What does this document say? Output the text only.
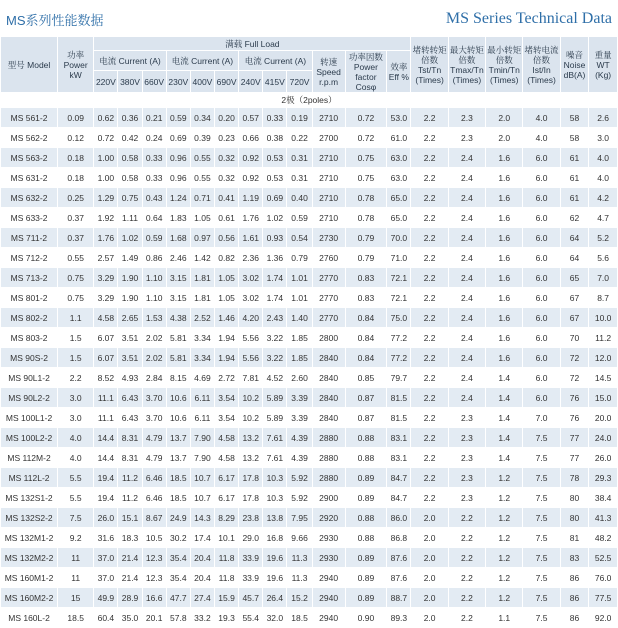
MS系列性能数据	MS Series Technical Data
型号 Model	功率 Power kW	满载 Full Load												堵转转矩 倍数 Tst/Tn (Times)	最大转矩 倍数 Tmax/Tn (Times)	最小转矩 倍数 Tmin/Tn (Times)	堵转电流 倍数 Ist/In (Times)	噪音 Noise dB(A)	重量 WT (Kg)
		电流 Current (A)			电流 Current (A)			电流 Current (A)			转速 Speed r.p.m	功率因数 Power factor Cosφ	效率 Eff %						
		220V	380V	660V	230V	400V	690V	240V	415V	720V									
2极（2poles）																			
MS 561-2	0.09	0.62	0.36	0.21	0.59	0.34	0.20	0.57	0.33	0.19	2710	0.72	53.0	2.2	2.3	2.0	4.0	58	2.6
MS 562-2	0.12	0.72	0.42	0.24	0.69	0.39	0.23	0.66	0.38	0.22	2700	0.72	61.0	2.2	2.3	2.0	4.0	58	3.0
MS 563-2	0.18	1.00	0.58	0.33	0.96	0.55	0.32	0.92	0.53	0.31	2710	0.75	63.0	2.2	2.4	1.6	6.0	61	4.0
MS 631-2	0.18	1.00	0.58	0.33	0.96	0.55	0.32	0.92	0.53	0.31	2710	0.75	63.0	2.2	2.4	1.6	6.0	61	4.0
MS 632-2	0.25	1.29	0.75	0.43	1.24	0.71	0.41	1.19	0.69	0.40	2710	0.78	65.0	2.2	2.4	1.6	6.0	61	4.2
MS 633-2	0.37	1.92	1.11	0.64	1.83	1.05	0.61	1.76	1.02	0.59	2710	0.78	65.0	2.2	2.4	1.6	6.0	62	4.7
MS 711-2	0.37	1.76	1.02	0.59	1.68	0.97	0.56	1.61	0.93	0.54	2730	0.79	70.0	2.2	2.4	1.6	6.0	64	5.2
MS 712-2	0.55	2.57	1.49	0.86	2.46	1.42	0.82	2.36	1.36	0.79	2760	0.79	71.0	2.2	2.4	1.6	6.0	64	5.6
MS 713-2	0.75	3.29	1.90	1.10	3.15	1.81	1.05	3.02	1.74	1.01	2770	0.83	72.1	2.2	2.4	1.6	6.0	65	7.0
MS 801-2	0.75	3.29	1.90	1.10	3.15	1.81	1.05	3.02	1.74	1.01	2770	0.83	72.1	2.2	2.4	1.6	6.0	67	8.7
MS 802-2	1.1	4.58	2.65	1.53	4.38	2.52	1.46	4.20	2.43	1.40	2770	0.84	75.0	2.2	2.4	1.6	6.0	67	10.0
MS 803-2	1.5	6.07	3.51	2.02	5.81	3.34	1.94	5.56	3.22	1.85	2800	0.84	77.2	2.2	2.4	1.6	6.0	70	11.2
MS 90S-2	1.5	6.07	3.51	2.02	5.81	3.34	1.94	5.56	3.22	1.85	2840	0.84	77.2	2.2	2.4	1.6	6.0	72	12.0
MS 90L1-2	2.2	8.52	4.93	2.84	8.15	4.69	2.72	7.81	4.52	2.60	2840	0.85	79.7	2.2	2.4	1.4	6.0	72	14.5
MS 90L2-2	3.0	11.1	6.43	3.70	10.6	6.11	3.54	10.2	5.89	3.39	2840	0.87	81.5	2.2	2.4	1.4	6.0	76	15.0
MS 100L1-2	3.0	11.1	6.43	3.70	10.6	6.11	3.54	10.2	5.89	3.39	2840	0.87	81.5	2.2	2.3	1.4	7.0	76	20.0
MS 100L2-2	4.0	14.4	8.31	4.79	13.7	7.90	4.58	13.2	7.61	4.39	2880	0.88	83.1	2.2	2.3	1.4	7.5	77	24.0
MS 112M-2	4.0	14.4	8.31	4.79	13.7	7.90	4.58	13.2	7.61	4.39	2880	0.88	83.1	2.2	2.3	1.4	7.5	77	26.0
MS 112L-2	5.5	19.4	11.2	6.46	18.5	10.7	6.17	17.8	10.3	5.92	2880	0.89	84.7	2.2	2.3	1.2	7.5	78	29.3
MS 132S1-2	5.5	19.4	11.2	6.46	18.5	10.7	6.17	17.8	10.3	5.92	2900	0.89	84.7	2.2	2.3	1.2	7.5	80	38.4
MS 132S2-2	7.5	26.0	15.1	8.67	24.9	14.3	8.29	23.8	13.8	7.95	2920	0.88	86.0	2.0	2.2	1.2	7.5	80	41.3
MS 132M1-2	9.2	31.6	18.3	10.5	30.2	17.4	10.1	29.0	16.8	9.66	2930	0.88	86.8	2.0	2.2	1.2	7.5	81	48.2
MS 132M2-2	11	37.0	21.4	12.3	35.4	20.4	11.8	33.9	19.6	11.3	2930	0.89	87.6	2.0	2.2	1.2	7.5	83	52.5
MS 160M1-2	11	37.0	21.4	12.3	35.4	20.4	11.8	33.9	19.6	11.3	2940	0.89	87.6	2.0	2.2	1.2	7.5	86	76.0
MS 160M2-2	15	49.9	28.9	16.6	47.7	27.4	15.9	45.7	26.4	15.2	2940	0.89	88.7	2.0	2.2	1.2	7.5	86	77.5
MS 160L-2	18.5	60.4	35.0	20.1	57.8	33.2	19.3	55.4	32.0	18.5	2940	0.90	89.3	2.0	2.2	1.1	7.5	86	92.0
